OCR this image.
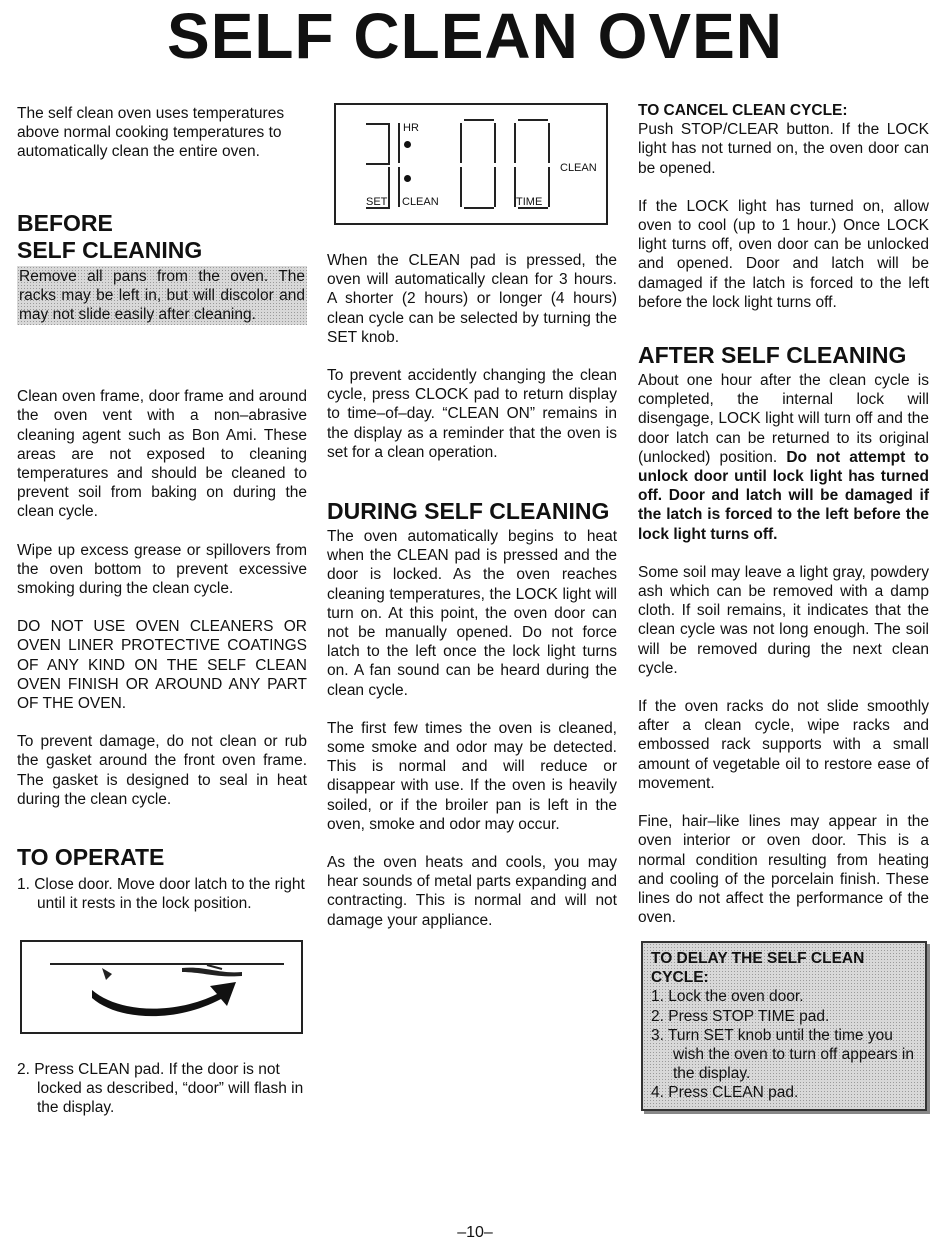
SELF CLEAN OVEN

The self clean oven uses temperatures above normal cooking temperatures to automatically clean the entire oven.

BEFORE
SELF CLEANING

Remove all pans from the oven. The racks may be left in, but will discolor and may not slide easily after cleaning.

Clean oven frame, door frame and around the oven vent with a non–abrasive cleaning agent such as Bon Ami. These areas are not exposed to cleaning temperatures and should be cleaned to prevent soil from baking on during the clean cycle.

Wipe up excess grease or spillovers from the oven bottom to prevent excessive smoking during the clean cycle.

DO NOT USE OVEN CLEANERS OR OVEN LINER PROTECTIVE COATINGS OF ANY KIND ON THE SELF CLEAN OVEN FINISH OR AROUND ANY PART OF THE OVEN.

To prevent damage, do not clean or rub the gasket around the front oven frame. The gasket is designed to seal in heat during the clean cycle.

TO OPERATE

1. Close door. Move door latch to the right until it rests in the lock position.

2. Press CLEAN pad. If the door is not locked as described, “door” will flash in the display.

HR
CLEAN
SET CLEAN	TIME

When the CLEAN pad is pressed, the oven will automatically clean for 3 hours. A shorter (2 hours) or longer (4 hours) clean cycle can be selected by turning the SET knob.

To prevent accidently changing the clean cycle, press CLOCK pad to return display to time–of–day. “CLEAN ON” remains in the display as a reminder that the oven is set for a clean operation.

DURING SELF CLEANING

The oven automatically begins to heat when the CLEAN pad is pressed and the door is locked. As the oven reaches cleaning temperatures, the LOCK light will turn on. At this point, the oven door can not be manually opened. Do not force latch to the left once the lock light turns on. A fan sound can be heard during the clean cycle.

The first few times the oven is cleaned, some smoke and odor may be detected. This is normal and will reduce or disappear with use. If the oven is heavily soiled, or if the broiler pan is left in the oven, smoke and odor may occur.

As the oven heats and cools, you may hear sounds of metal parts expanding and contracting. This is normal and will not damage your appliance.

TO CANCEL CLEAN CYCLE:

Push STOP/CLEAR button. If the LOCK light has not turned on, the oven door can be opened.

If the LOCK light has turned on, allow oven to cool (up to 1 hour.) Once LOCK light turns off, oven door can be unlocked and opened. Door and latch will be damaged if the latch is forced to the left before the lock light turns off.

AFTER SELF CLEANING

About one hour after the clean cycle is completed, the internal lock will disengage, LOCK light will turn off and the door latch can be returned to its original (unlocked) position. Do not attempt to unlock door until lock light has turned off. Door and latch will be damaged if the latch is forced to the left before the lock light turns off.

Some soil may leave a light gray, powdery ash which can be removed with a damp cloth. If soil remains, it indicates that the clean cycle was not long enough. The soil will be removed during the next clean cycle.

If the oven racks do not slide smoothly after a clean cycle, wipe racks and embossed rack supports with a small amount of vegetable oil to restore ease of movement.

Fine, hair–like lines may appear in the oven interior or oven door. This is a normal condition resulting from heating and cooling of the porcelain finish. These lines do not affect the performance of the oven.

TO DELAY THE SELF CLEAN CYCLE:
1. Lock the oven door.
2. Press STOP TIME pad.
3. Turn SET knob until the time you wish the oven to turn off appears in the display.
4. Press CLEAN pad.
–10–
